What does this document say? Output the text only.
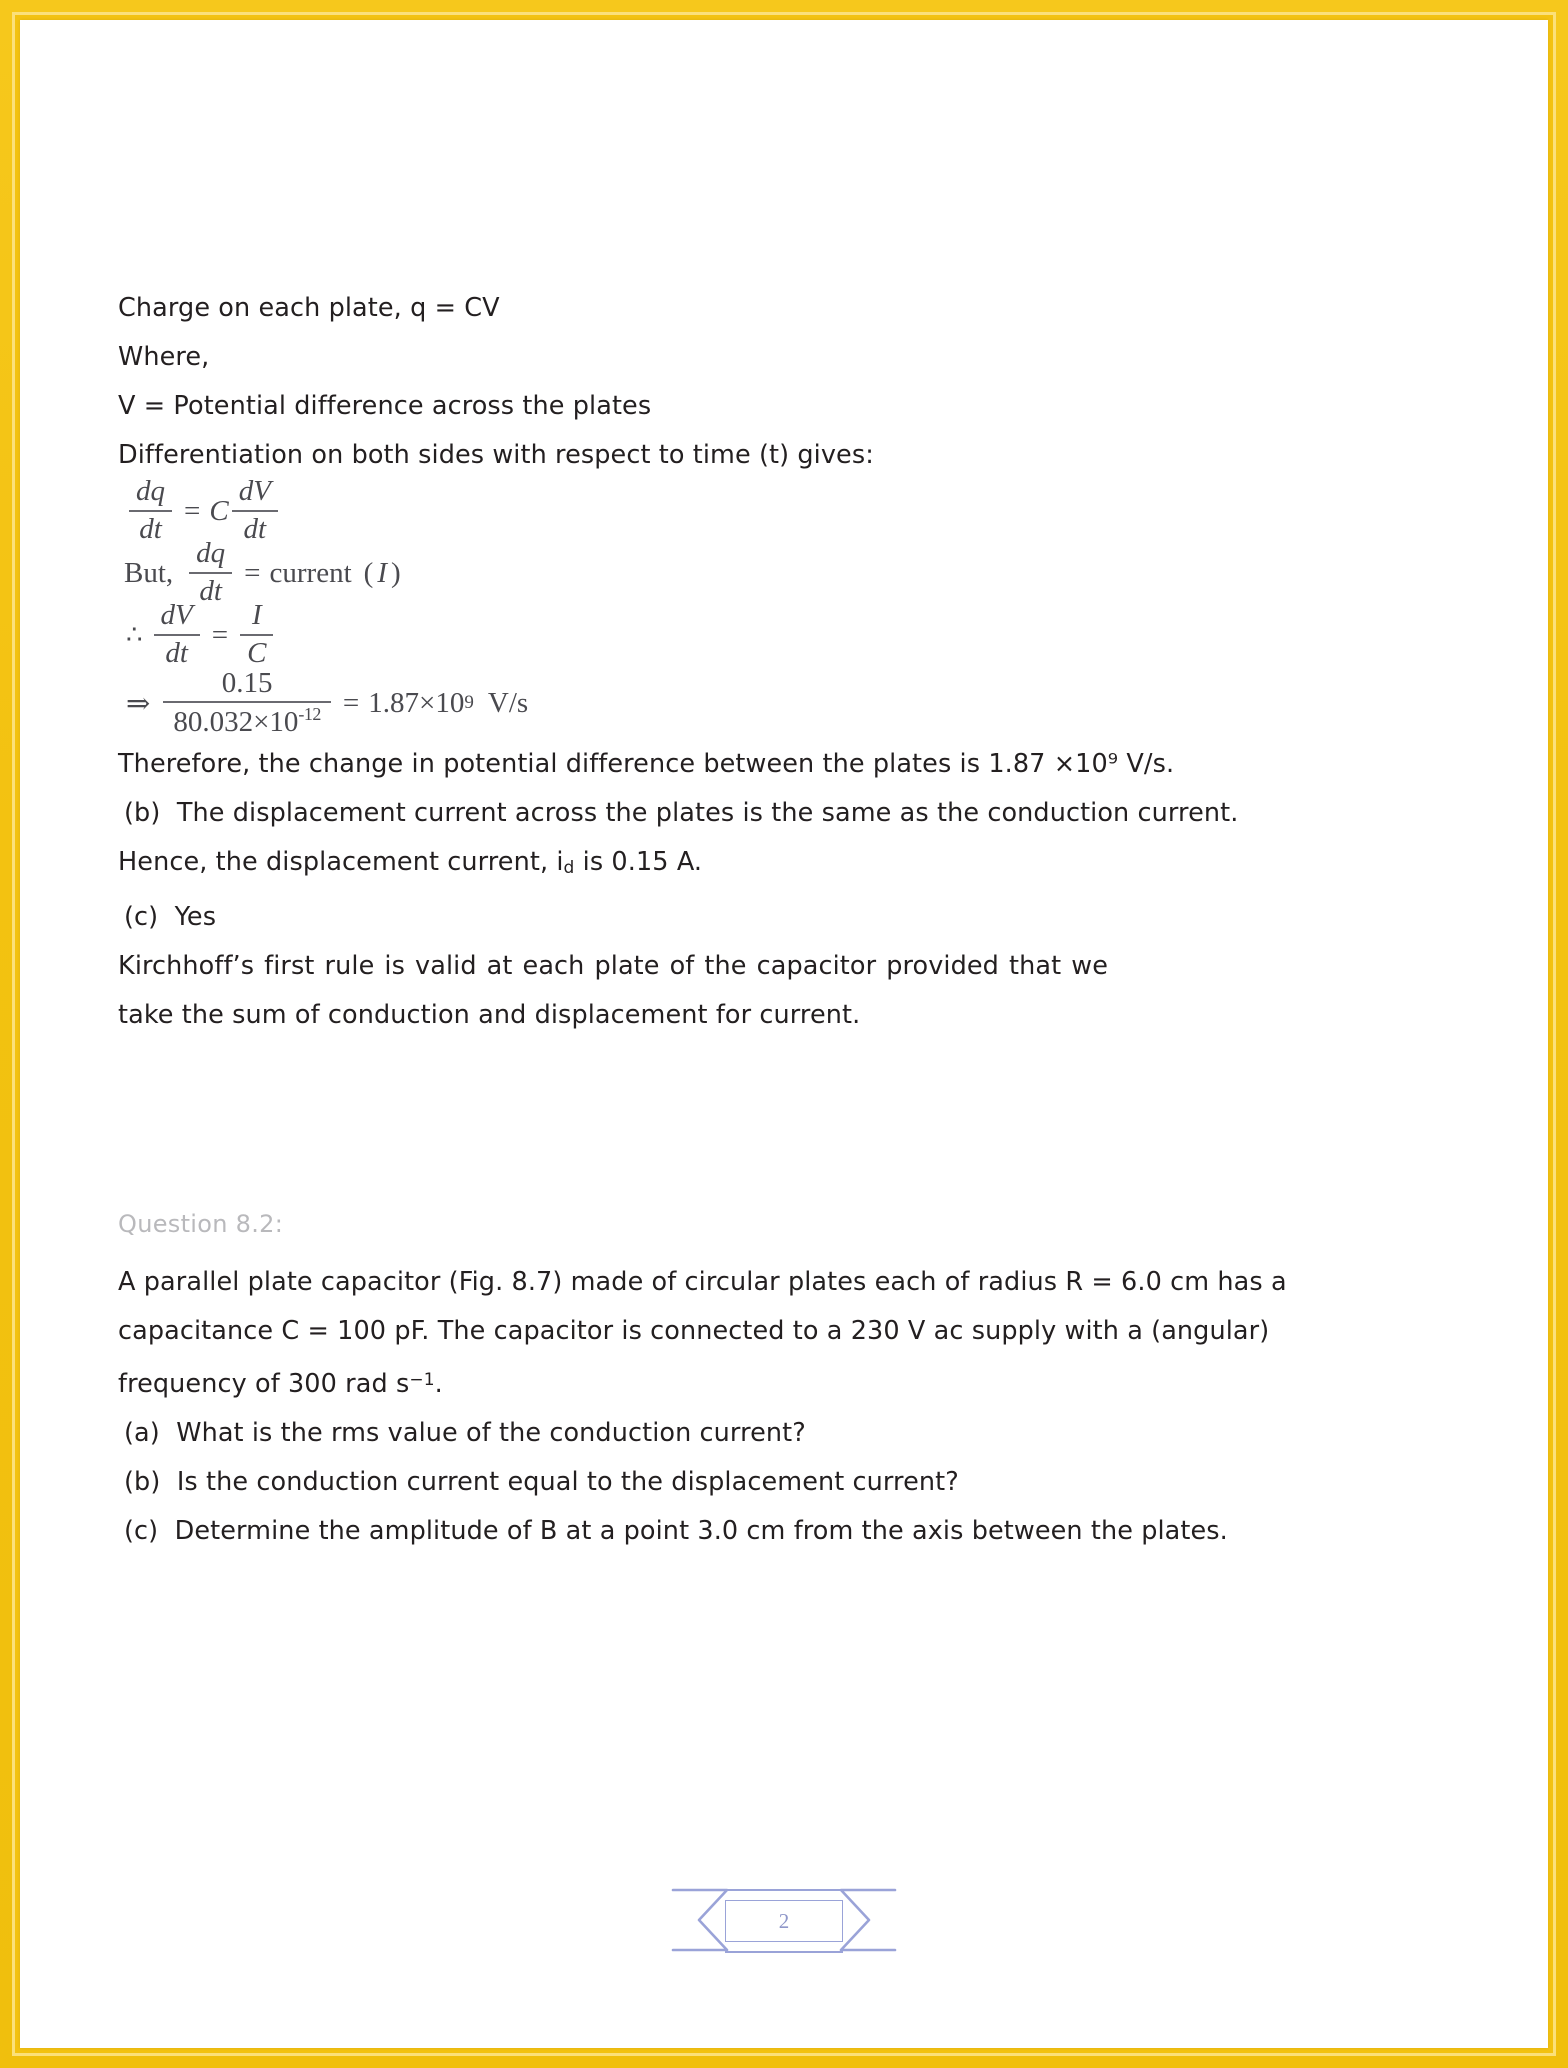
Charge on each plate, q = CV
Where,
V = Potential difference across the plates
Differentiation on both sides with respect to time (t) gives:
$\frac{dq}{dt} = C \frac{dV}{dt}$
But, $\frac{dq}{dt}$ = current ( I )
∴ $\frac{dV}{dt} = \frac{I}{C}$
⇒ $\frac{0.15}{80.032\times 10^{-12}} = 1.87\times 10$ 9 V/s
Therefore, the change in potential difference between the plates is 1.87 ×10⁹ V/s.
(b) The displacement current across the plates is the same as the conduction current.
Hence, the displacement current, id is 0.15 A.
(c) Yes
Kirchhoff’s first rule is valid at each plate of the capacitor provided that we take the sum of conduction and displacement for current.
Question 8.2:
A parallel plate capacitor (Fig. 8.7) made of circular plates each of radius R = 6.0 cm has a
capacitance C = 100 pF. The capacitor is connected to a 230 V ac supply with a (angular)
frequency of 300 rad $s^{-1}$.
(a) What is the rms value of the conduction current?
(b) Is the conduction current equal to the displacement current?
(c) Determine the amplitude of B at a point 3.0 cm from the axis between the plates.
2
